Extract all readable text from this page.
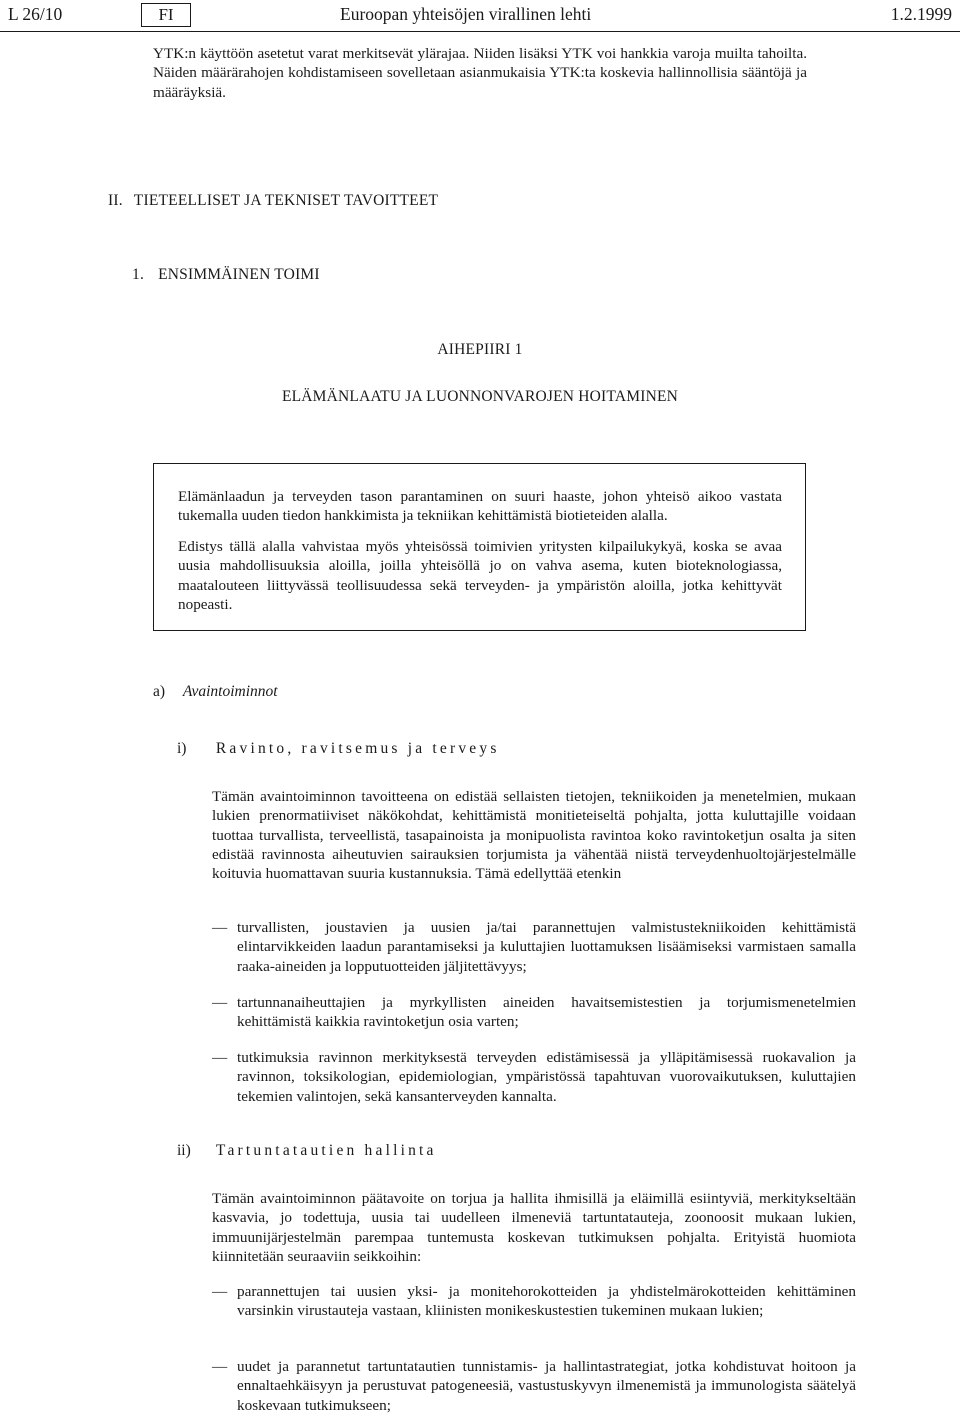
L 26/10	FI	Euroopan yhteisöjen virallinen lehti	1.2.1999
YTK:n käyttöön asetetut varat merkitsevät ylärajaa. Niiden lisäksi YTK voi hankkia varoja muilta tahoilta. Näiden määrärahojen kohdistamiseen sovelletaan asianmukaisia YTK:ta koskevia hallinnollisia sääntöjä ja määräyksiä.
II. TIETEELLISET JA TEKNISET TAVOITTEET
1. ENSIMMÄINEN TOIMI
AIHEPIIRI 1
ELÄMÄNLAATU JA LUONNONVAROJEN HOITAMINEN
Elämänlaadun ja terveyden tason parantaminen on suuri haaste, johon yhteisö aikoo vastata tukemalla uuden tiedon hankkimista ja tekniikan kehittämistä biotieteiden alalla.
Edistys tällä alalla vahvistaa myös yhteisössä toimivien yritysten kilpailukykyä, koska se avaa uusia mahdollisuuksia aloilla, joilla yhteisöllä jo on vahva asema, kuten bioteknologiassa, maatalouteen liittyvässä teollisuudessa sekä terveyden- ja ympäristön aloilla, jotka kehittyvät nopeasti.
a) Avaintoiminnot
i) Ravinto, ravitsemus ja terveys
Tämän avaintoiminnon tavoitteena on edistää sellaisten tietojen, tekniikoiden ja menetelmien, mukaan lukien prenormatiiviset näkökohdat, kehittämistä monitieteiseltä pohjalta, jotta kuluttajille voidaan tuottaa turvallista, terveellistä, tasapainoista ja monipuolista ravintoa koko ravintoketjun osalta ja siten edistää ravinnosta aiheutuvien sairauksien torjumista ja vähentää niistä terveydenhuoltojärjestelmälle koituvia huomattavan suuria kustannuksia. Tämä edellyttää etenkin
— turvallisten, joustavien ja uusien ja/tai parannettujen valmistustekniikoiden kehittämistä elintarvikkeiden laadun parantamiseksi ja kuluttajien luottamuksen lisäämiseksi varmistaen samalla raaka-aineiden ja lopputuotteiden jäljitettävyys;
— tartunnanaiheuttajien ja myrkyllisten aineiden havaitsemistestien ja torjumismenetelmien kehittämistä kaikkia ravintoketjun osia varten;
— tutkimuksia ravinnon merkityksestä terveyden edistämisessä ja ylläpitämisessä ruokavalion ja ravinnon, toksikologian, epidemiologian, ympäristössä tapahtuvan vuorovaikutuksen, kuluttajien tekemien valintojen, sekä kansanterveyden kannalta.
ii) Tartuntatautien hallinta
Tämän avaintoiminnon päätavoite on torjua ja hallita ihmisillä ja eläimillä esiintyviä, merkitykseltään kasvavia, jo todettuja, uusia tai uudelleen ilmeneviä tartuntatauteja, zoonoosit mukaan lukien, immuunijärjestelmän parempaa tuntemusta koskevan tutkimuksen pohjalta. Erityistä huomiota kiinnitetään seuraaviin seikkoihin:
— parannettujen tai uusien yksi- ja monitehorokotteiden ja yhdistelmärokotteiden kehittäminen varsinkin virustauteja vastaan, kliinisten monikeskustestien tukeminen mukaan lukien;
— uudet ja parannetut tartuntatautien tunnistamis- ja hallintastrategiat, jotka kohdistuvat hoitoon ja ennaltaehkäisyyn ja perustuvat patogeneesiä, vastustuskyvyn ilmenemistä ja immunologista säätelyä koskevaan tutkimukseen;
